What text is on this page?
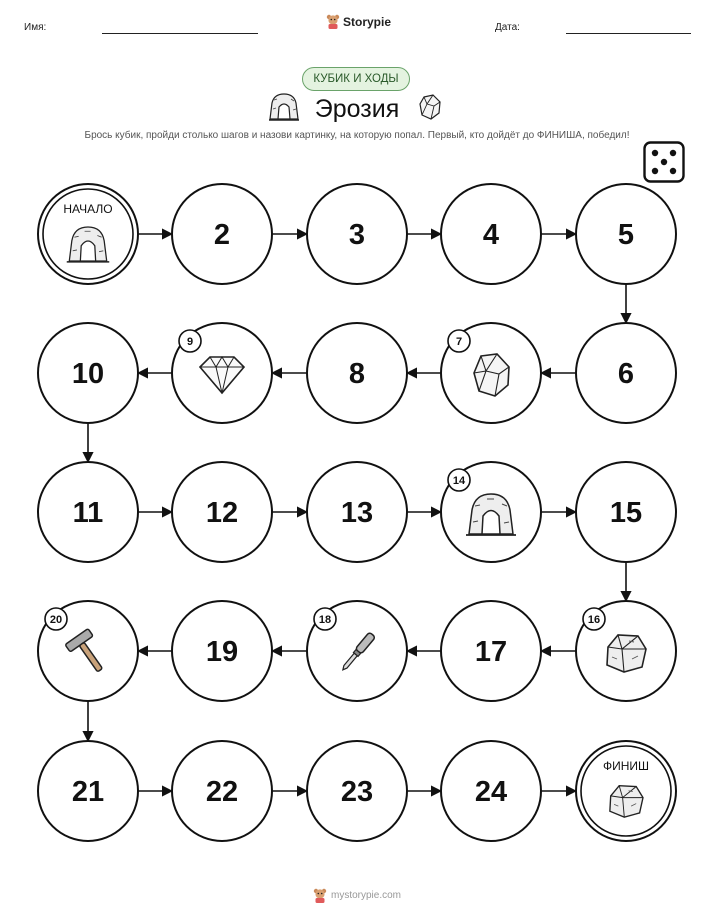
Имя:	Дата:
Storypie
КУБИК И ХОДЫ
Эрозия
Брось кубик, пройди столько шагов и назови картинку, на которую попал. Первый, кто дойдёт до ФИНИША, победил!
НАЧАЛО
2	3	4	5
6
7
8
9
10
11	12	13
14
15
16
17
18
19
20
21	22	23	24
ФИНИШ
mystorypie.com
